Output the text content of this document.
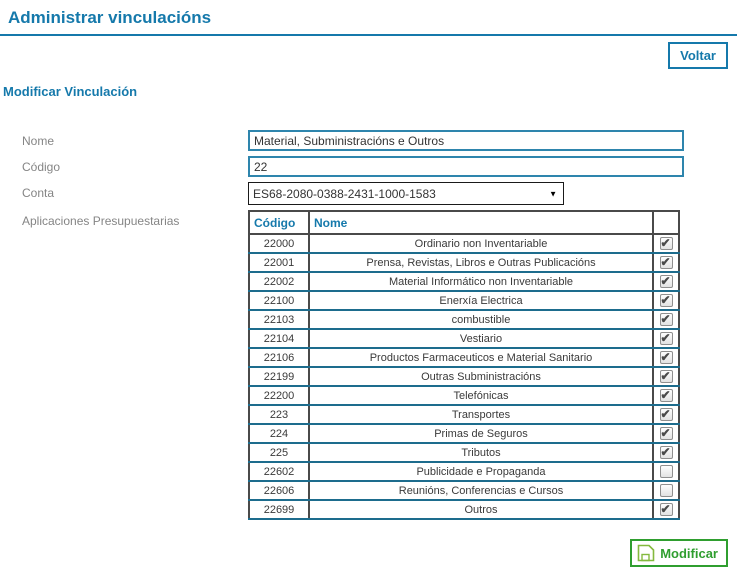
Administrar vinculacións
Voltar
Modificar Vinculación
Nome
Material, Subministracións e Outros
Código
22
Conta
ES68-2080-0388-2431-1000-1583	▼
Aplicaciones Presupuestarias	Código	Nome	
22000	Ordinario non Inventariable	
22001	Prensa, Revistas, Libros e Outras Publicacións	
22002	Material Informático non Inventariable	
22100	Enerxía Electrica	
22103	combustible	
22104	Vestiario	
22106	Productos Farmaceuticos e Material Sanitario	
22199	Outras Subministracións	
22200	Telefónicas	
223	Transportes	
224	Primas de Seguros	
225	Tributos	
22602	Publicidade e Propaganda	
22606	Reunións, Conferencias e Cursos	
22699	Outros	
Modificar
